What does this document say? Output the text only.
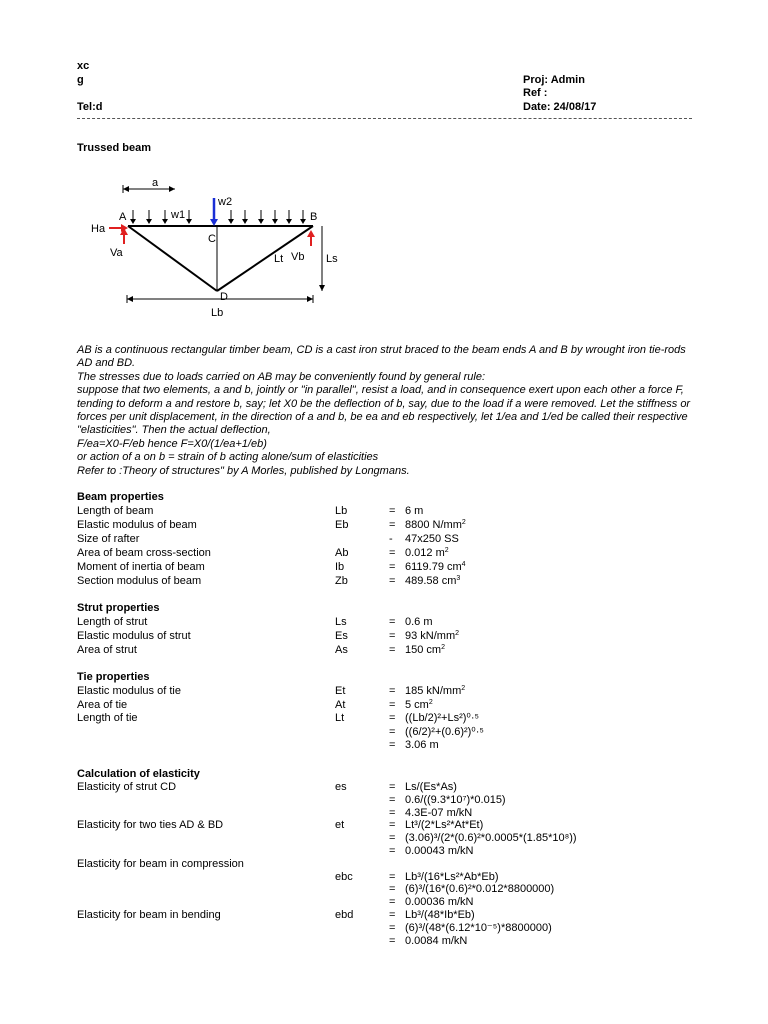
xc
g
Tel:d
Proj: Admin
Ref :
Date: 24/08/17
Trussed beam
a
w2
w1
A	B
C
D
Ha
Va	Vb
Lt	Ls
Lb
AB is a continuous rectangular timber beam, CD is a cast iron strut braced to the beam ends A and B by wrought iron tie-rods
AD and BD.
The stresses due to loads carried on AB may be conveniently found by general rule:
suppose that two elements, a and b, jointly or "in parallel", resist a load, and in consequence exert upon each other a force F,
tending to deform a and restore b, say; let X0 be the deflection of b, say, due to the load if a were removed. Let the stiffness or
forces per unit displacement, in the direction of a and b, be ea and eb respectively, let 1/ea and 1/ed be called their respective
"elasticities". Then the actual deflection,
F/ea=X0-F/eb hence F=X0/(1/ea+1/eb)
or action of a on b = strain of b acting alone/sum of elasticities
Refer to :Theory of structures" by A Morles, published by Longmans.
Beam properties
Length of beam	Lb	= 6 m
Elastic modulus of beam	Eb	= 8800 $N/mm^2$
Size of rafter	- 47x250 SS
Area of beam cross-section	Ab	= 0.012 $m^2$
Moment of inertia of beam	Ib	= 6119.79 $cm^4$
Section modulus of beam	Zb	= 489.58 $cm^3$
Strut properties
Length of strut	Ls	= 0.6 m
Elastic modulus of strut	Es	= 93 $kN/mm^2$
Area of strut	As	= 150 $cm^2$
Tie properties
Elastic modulus of tie	Et	= 185 $kN/mm^2$
Area of tie	At	= 5 $cm^2$
Length of tie	Lt	= ((Lb/2)²+Ls²)⁰·⁵
= ((6/2)²+(0.6)²)⁰·⁵
= 3.06 m
Calculation of elasticity
Elasticity of strut CD	es	= Ls/(Es*As)
= 0.6/((9.3*10⁷)*0.015)
= 4.3E-07 m/kN
Elasticity for two ties AD & BD	et	= Lt³/(2*Ls²*At*Et)
= (3.06)³/(2*(0.6)²*0.0005*(1.85*10⁸))
= 0.00043 m/kN
Elasticity for beam in compression
ebc	= Lb³/(16*Ls²*Ab*Eb)
= (6)³/(16*(0.6)²*0.012*8800000)
= 0.00036 m/kN
Elasticity for beam in bending	ebd	= Lb³/(48*Ib*Eb)
= (6)³/(48*(6.12*10⁻⁵)*8800000)
= 0.0084 m/kN
